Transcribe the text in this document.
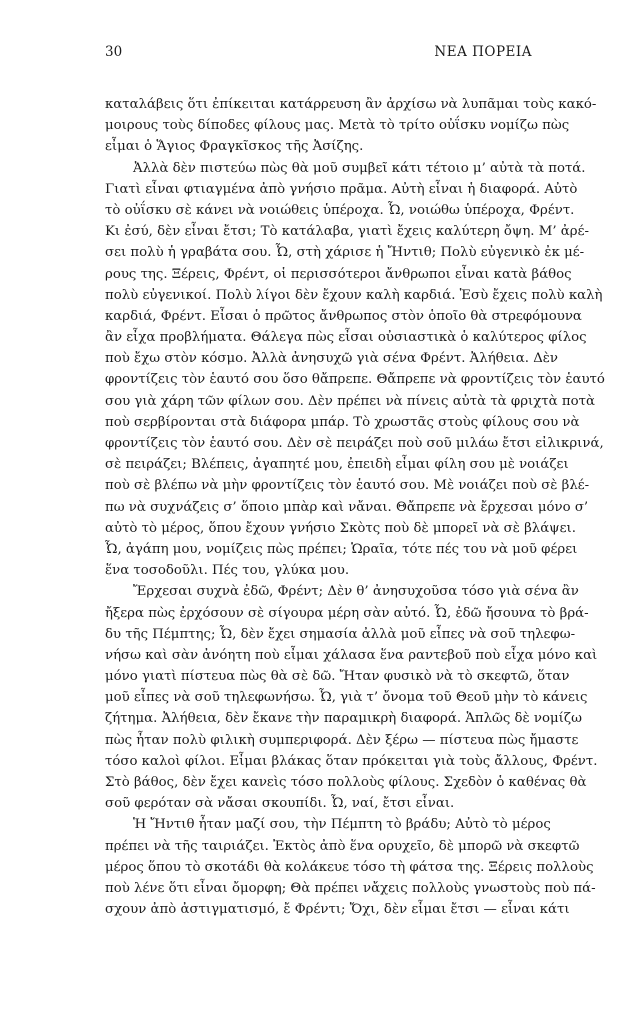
30	ΝΕΑ ΠΟΡΕΙΑ
καταλάβεις ὅτι ἐπίκειται κατάρρευση ἂν ἀρχίσω νὰ λυπᾶμαι τοὺς κακό-
μοιρους τοὺς δίποδες φίλους μας. Μετὰ τὸ τρίτο οὐΐσκυ νομίζω πὼς
εἶμαι ὁ Ἅγιος Φραγκῖσκος τῆς Ἀσίζης.
Ἀλλὰ δὲν πιστεύω πὼς θὰ μοῦ συμβεῖ κάτι τέτοιο μ’ αὐτὰ τὰ ποτά.
Γιατὶ εἶναι φτιαγμένα ἀπὸ γνήσιο πρᾶμα. Αὐτὴ εἶναι ἡ διαφορά. Αὐτὸ
τὸ οὐΐσκυ σὲ κάνει νὰ νοιώθεις ὑπέροχα. Ὦ, νοιώθω ὑπέροχα, Φρέντ.
Κι ἐσύ, δὲν εἶναι ἔτσι; Τὸ κατάλαβα, γιατὶ ἔχεις καλύτερη ὄψη. Μ’ ἀρέ-
σει πολὺ ἡ γραβάτα σου. Ὦ, στὴ χάρισε ἡ Ἤντιθ; Πολὺ εὐγενικὸ ἐκ μέ-
ρους της. Ξέρεις, Φρέντ, οἱ περισσότεροι ἄνθρωποι εἶναι κατὰ βάθος
πολὺ εὐγενικοί. Πολὺ λίγοι δὲν ἔχουν καλὴ καρδιά. Ἐσὺ ἔχεις πολὺ καλὴ
καρδιά, Φρέντ. Εἶσαι ὁ πρῶτος ἄνθρωπος στὸν ὁποῖο θὰ στρεφόμουνα
ἂν εἶχα προβλήματα. Θάλεγα πὼς εἶσαι οὐσιαστικὰ ὁ καλύτερος φίλος
ποὺ ἔχω στὸν κόσμο. Ἀλλὰ ἀνησυχῶ γιὰ σένα Φρέντ. Ἀλήθεια. Δὲν
φροντίζεις τὸν ἑαυτό σου ὅσο θἄπρεπε. Θἄπρεπε νὰ φροντίζεις τὸν ἑαυτό
σου γιὰ χάρη τῶν φίλων σου. Δὲν πρέπει νὰ πίνεις αὐτὰ τὰ φριχτὰ ποτὰ
ποὺ σερβίρονται στὰ διάφορα μπάρ. Τὸ χρωστᾶς στοὺς φίλους σου νὰ
φροντίζεις τὸν ἑαυτό σου. Δὲν σὲ πειράζει ποὺ σοῦ μιλάω ἔτσι εἰλικρινά,
σὲ πειράζει; Βλέπεις, ἀγαπητέ μου, ἐπειδὴ εἶμαι φίλη σου μὲ νοιάζει
ποὺ σὲ βλέπω νὰ μὴν φροντίζεις τὸν ἑαυτό σου. Μὲ νοιάζει ποὺ σὲ βλέ-
πω νὰ συχνάζεις σ’ ὅποιο μπὰρ καὶ νἄναι. Θἄπρεπε νὰ ἔρχεσαι μόνο σ’
αὐτὸ τὸ μέρος, ὅπου ἔχουν γνήσιο Σκὸτς ποὺ δὲ μπορεῖ νὰ σὲ βλάψει.
Ὦ, ἀγάπη μου, νομίζεις πὼς πρέπει; Ὡραῖα, τότε πές του νὰ μοῦ φέρει
ἕνα τοσοδοῦλι. Πές του, γλύκα μου.
Ἔρχεσαι συχνὰ ἐδῶ, Φρέντ; Δὲν θ’ ἀνησυχοῦσα τόσο γιὰ σένα ἂν
ἤξερα πὼς ἐρχόσουν σὲ σίγουρα μέρη σὰν αὐτό. Ὦ, ἐδῶ ἤσουνα τὸ βρά-
δυ τῆς Πέμπτης; Ὦ, δὲν ἔχει σημασία ἀλλὰ μοῦ εἶπες νὰ σοῦ τηλεφω-
νήσω καὶ σὰν ἀνόητη ποὺ εἶμαι χάλασα ἕνα ραντεβοῦ ποὺ εἶχα μόνο καὶ
μόνο γιατὶ πίστευα πὼς θὰ σὲ δῶ. Ἤταν φυσικὸ νὰ τὸ σκεφτῶ, ὅταν
μοῦ εἶπες νὰ σοῦ τηλεφωνήσω. Ὦ, γιὰ τ’ ὄνομα τοῦ Θεοῦ μὴν τὸ κάνεις
ζήτημα. Ἀλήθεια, δὲν ἔκανε τὴν παραμικρὴ διαφορά. Ἁπλῶς δὲ νομίζω
πὼς ἦταν πολὺ φιλικὴ συμπεριφορά. Δὲν ξέρω — πίστευα πὼς ἤμαστε
τόσο καλοὶ φίλοι. Εἶμαι βλάκας ὅταν πρόκειται γιὰ τοὺς ἄλλους, Φρέντ.
Στὸ βάθος, δὲν ἔχει κανεὶς τόσο πολλοὺς φίλους. Σχεδὸν ὁ καθένας θὰ
σοῦ φερόταν σὰ νἄσαι σκουπίδι. Ὦ, ναί, ἔτσι εἶναι.
Ἡ Ἤντιθ ἦταν μαζί σου, τὴν Πέμπτη τὸ βράδυ; Αὐτὸ τὸ μέρος
πρέπει νὰ τῆς ταιριάζει. Ἐκτὸς ἀπὸ ἕνα ορυχεῖο, δὲ μπορῶ νὰ σκεφτῶ
μέρος ὅπου τὸ σκοτάδι θὰ κολάκευε τόσο τὴ φάτσα της. Ξέρεις πολλοὺς
ποὺ λένε ὅτι εἶναι ὄμορφη; Θὰ πρέπει νἄχεις πολλοὺς γνωστοὺς ποὺ πά-
σχουν ἀπὸ ἀστιγματισμό, ἔ Φρέντι; Ὄχι, δὲν εἶμαι ἔτσι — εἶναι κάτι
